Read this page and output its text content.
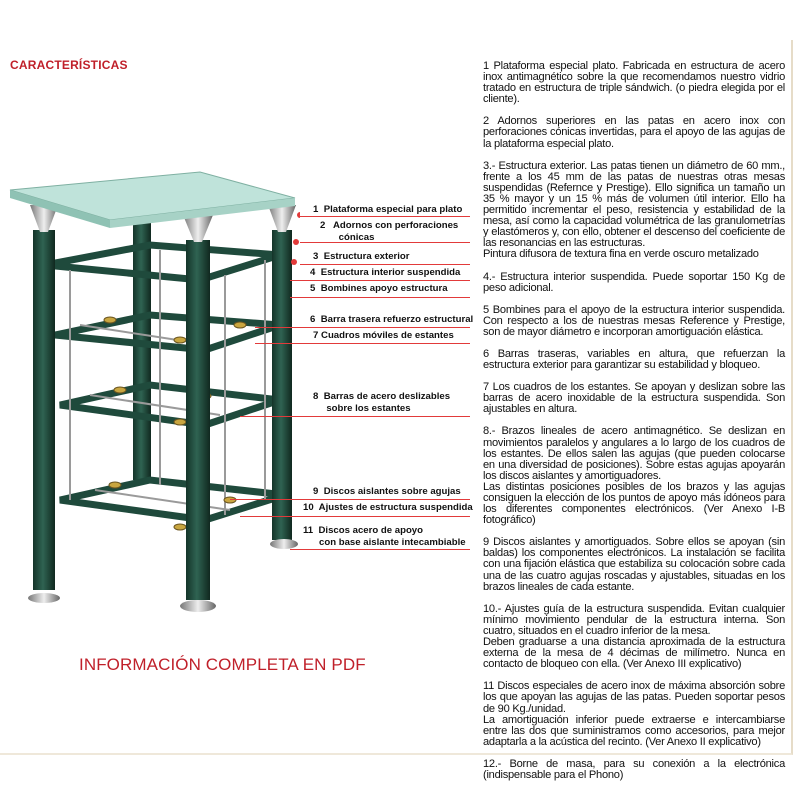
CARACTERÍSTICAS
1 Plataforma especial para plato
2 Adornos con perforaciones
cónicas
3 Estructura exterior
4 Estructura interior suspendida
5 Bombines apoyo estructura
6 Barra trasera refuerzo estructural
7 Cuadros móviles de estantes
8 Barras de acero deslizables
sobre los estantes
9 Discos aislantes sobre agujas
10 Ajustes de estructura suspendida
11 Discos acero de apoyo
con base aislante intecambiable
INFORMACIÓN COMPLETA EN PDF

1 Plataforma especial plato. Fabricada en estructura de acero inox antimagnético sobre la que recomendamos nuestro vidrio tratado en estructura de triple sándwich. (o piedra elegida por el cliente).

2 Adornos superiores en las patas en acero inox con perforaciones cónicas invertidas, para el apoyo de las agujas de la plataforma especial plato.

3.- Estructura exterior. Las patas tienen un diámetro de 60 mm., frente a los 45 mm de las patas de nuestras otras mesas suspendidas (Refernce y Prestige). Ello significa un tamaño un 35 % mayor y un 15 % más de volumen útil interior. Ello ha permitido incrementar el peso, resistencia y estabilidad de la mesa, así como la capacidad volumétrica de las granulometrías y elastómeros y, con ello, obtener el descenso del coeficiente de las resonancias en las estructuras.
Pintura difusora de textura fina en verde oscuro metalizado

4.- Estructura interior suspendida. Puede soportar 150 Kg de peso adicional.

5 Bombines para el apoyo de la estructura interior suspendida. Con respecto a los de nuestras mesas Reference y Prestige, son de mayor diámetro e incorporan amortiguación elástica.

6 Barras traseras, variables en altura, que refuerzan la estructura exterior para garantizar su estabilidad y bloqueo.

7 Los cuadros de los estantes. Se apoyan y deslizan sobre las barras de acero inoxidable de la estructura suspendida. Son ajustables en altura.

8.- Brazos lineales de acero antimagnético. Se deslizan en movimientos paralelos y angulares a lo largo de los cuadros de los estantes. De ellos salen las agujas (que pueden colocarse en una diversidad de posiciones). Sobre estas agujas apoyarán los discos aislantes y amortiguadores.
Las distintas posiciones posibles de los brazos y las agujas consiguen la elección de los puntos de apoyo más idóneos para los diferentes componentes electrónicos. (Ver Anexo I-B fotográfico)

9 Discos aislantes y amortiguados. Sobre ellos se apoyan (sin baldas) los componentes electrónicos. La instalación se facilita con una fijación elástica que estabiliza su colocación sobre cada una de las cuatro agujas roscadas y ajustables, situadas en los brazos lineales de cada estante.

10.- Ajustes guía de la estructura suspendida. Evitan cualquier mínimo movimiento pendular de la estructura interna. Son cuatro, situados en el cuadro inferior de la mesa.
Deben graduarse a una distancia aproximada de la estructura externa de la mesa de 4 décimas de milímetro. Nunca en contacto de bloqueo con ella. (Ver Anexo III explicativo)

11 Discos especiales de acero inox de máxima absorción sobre los que apoyan las agujas de las patas. Pueden soportar pesos de 90 Kg./unidad.
La amortiguación inferior puede extraerse e intercambiarse entre las dos que suministramos como accesorios, para mejor adaptarla a la acústica del recinto. (Ver Anexo II explicativo)

12.- Borne de masa, para su conexión a la electrónica (indispensable para el Phono)
